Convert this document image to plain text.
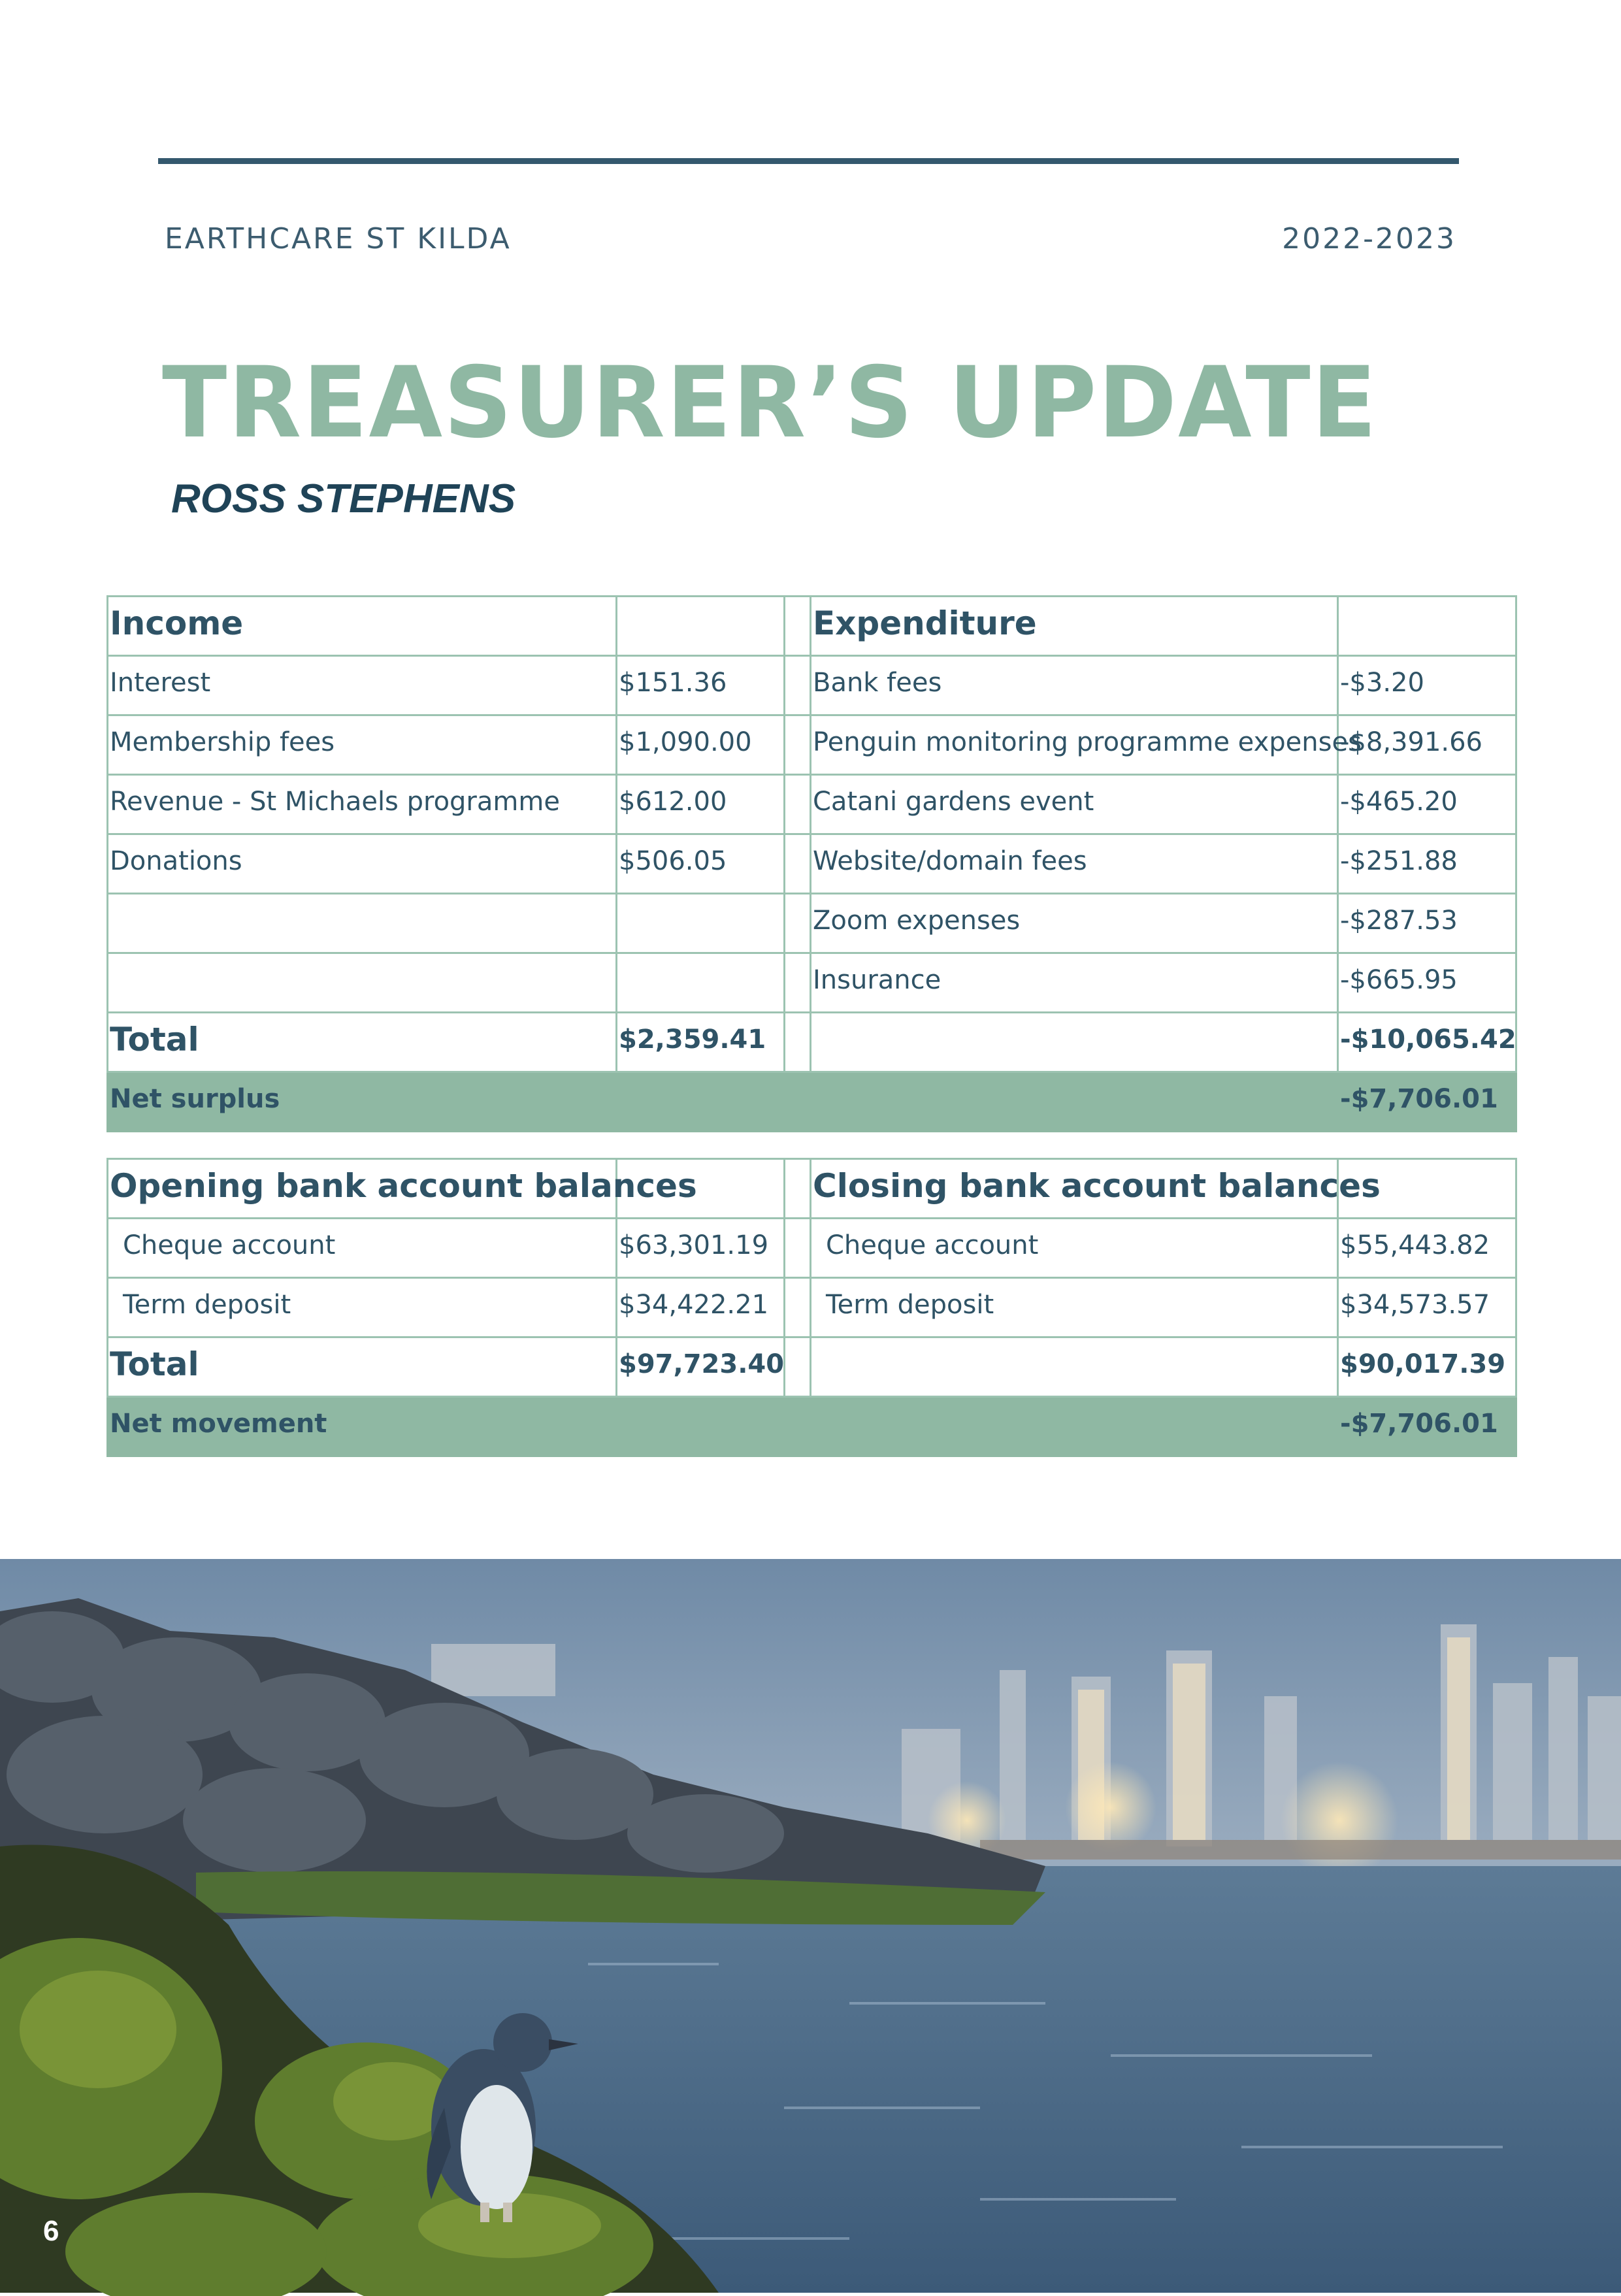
EARTHCARE ST KILDA	2022-2023
TREASURER’S UPDATE
ROSS STEPHENS
Income			Expenditure	
Interest	$151.36		Bank fees	-$3.20
Membership fees	$1,090.00		Penguin monitoring programme expenses	-$8,391.66
Revenue - St Michaels programme	$612.00		Catani gardens event	-$465.20
Donations	$506.05		Website/domain fees	-$251.88
			Zoom expenses	-$287.53
			Insurance	-$665.95
Total	$2,359.41			-$10,065.42
Net surplus				-$7,706.01
Opening bank account balances			Closing bank account balances	
Cheque account	$63,301.19		Cheque account	$55,443.82
Term deposit	$34,422.21		Term deposit	$34,573.57
Total	$97,723.40			$90,017.39
Net movement				-$7,706.01
6
